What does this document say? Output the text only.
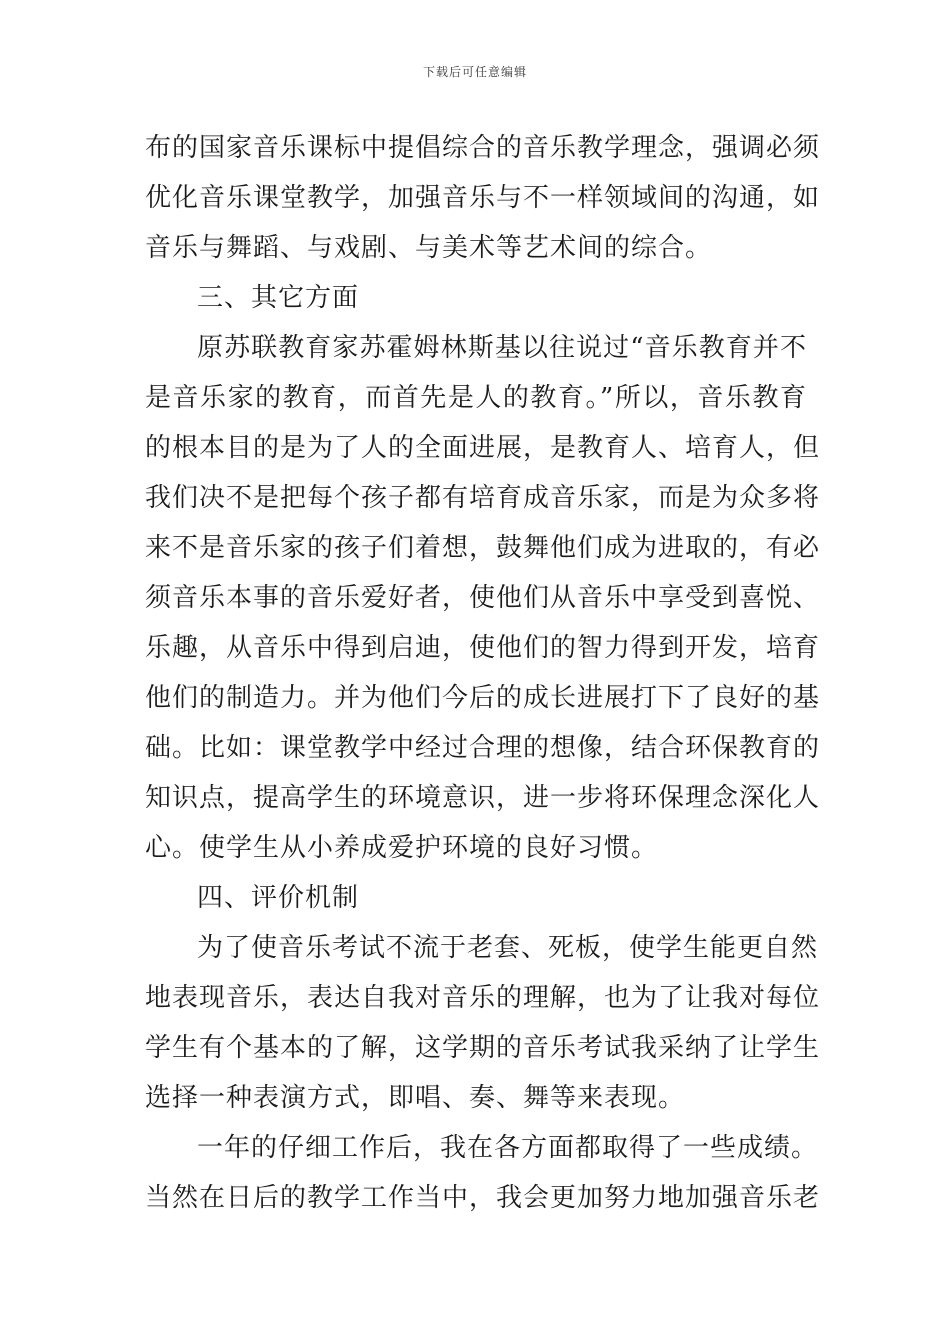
下载后可任意编辑
布的国家音乐课标中提倡综合的音乐教学理念，强调必须
优化音乐课堂教学，加强音乐与不一样领域间的沟通，如
音乐与舞蹈、与戏剧、与美术等艺术间的综合。
三、其它方面
原苏联教育家苏霍姆林斯基以往说过“音乐教育并不
是音乐家的教育，而首先是人的教育。”所以，音乐教育
的根本目的是为了人的全面进展，是教育人、培育人，但
我们决不是把每个孩子都有培育成音乐家，而是为众多将
来不是音乐家的孩子们着想，鼓舞他们成为进取的，有必
须音乐本事的音乐爱好者，使他们从音乐中享受到喜悦、
乐趣，从音乐中得到启迪，使他们的智力得到开发，培育
他们的制造力。并为他们今后的成长进展打下了良好的基
础。比如：课堂教学中经过合理的想像，结合环保教育的
知识点，提高学生的环境意识，进一步将环保理念深化人
心。使学生从小养成爱护环境的良好习惯。
四、评价机制
为了使音乐考试不流于老套、死板，使学生能更自然
地表现音乐，表达自我对音乐的理解，也为了让我对每位
学生有个基本的了解，这学期的音乐考试我采纳了让学生
选择一种表演方式，即唱、奏、舞等来表现。
一年的仔细工作后，我在各方面都取得了一些成绩。
当然在日后的教学工作当中，我会更加努力地加强音乐老
